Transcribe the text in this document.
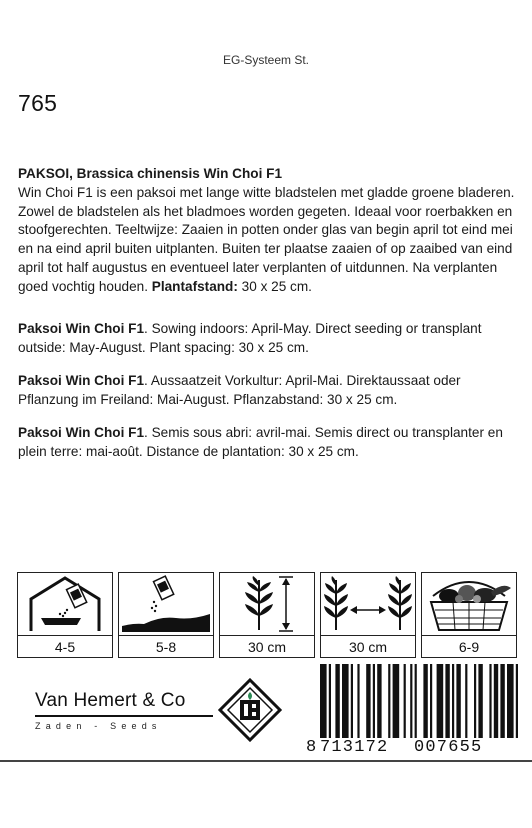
EG-Systeem St.
765
PAKSOI, Brassica chinensis Win Choi F1
Win Choi F1 is een paksoi met lange witte bladstelen met gladde groene bladeren. Zowel de bladstelen als het bladmoes worden gegeten. Ideaal voor roerbakken en stoofgerechten. Teeltwijze: Zaaien in potten onder glas van begin april tot eind mei en na eind april buiten uitplanten. Buiten ter plaatse zaaien of op zaaibed van eind april tot half augustus en eventueel later verplanten of uitdunnen. Na verplanten goed vochtig houden. Plantafstand: 30 x 25 cm.
Paksoi Win Choi F1. Sowing indoors: April-May. Direct seeding or transplant outside: May-August. Plant spacing: 30 x 25 cm.
Paksoi Win Choi F1. Aussaatzeit Vorkultur: April-Mai. Direktaussaat oder Pflanzung im Freiland: Mai-August. Pflanzabstand: 30 x 25 cm.
Paksoi Win Choi F1. Semis sous abri: avril-mai. Semis direct ou transplanter en plein terre: mai-août. Distance de plantation: 30 x 25 cm.
4-5	5-8	30 cm	30 cm	6-9
Van Hemert & Co
Zaden - Seeds
8 713172 007655
